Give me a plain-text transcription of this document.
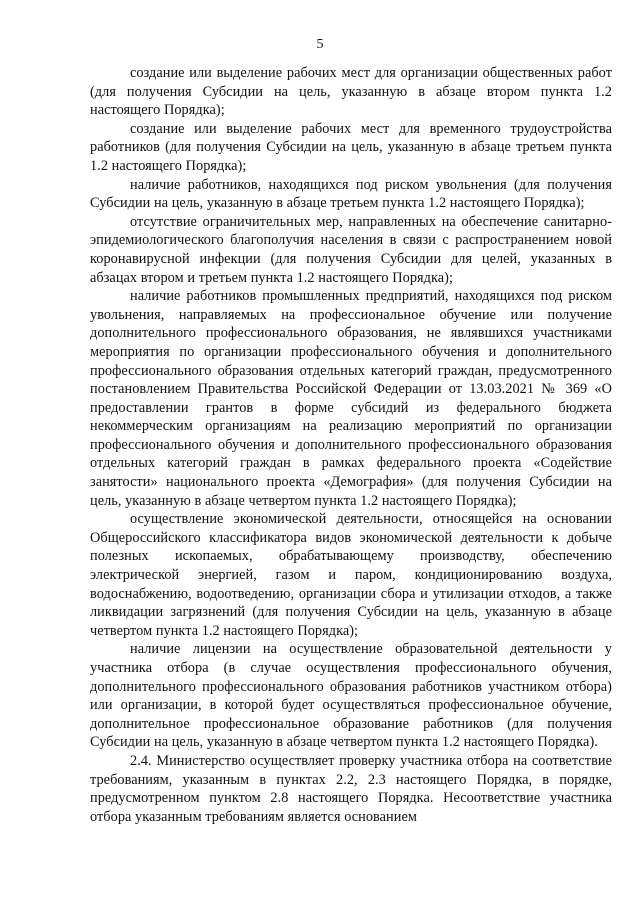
5

создание или выделение рабочих мест для организации общественных работ (для получения Субсидии на цель, указанную в абзаце втором пункта 1.2 настоящего Порядка);

создание или выделение рабочих мест для временного трудоустройства работников (для получения Субсидии на цель, указанную в абзаце третьем пункта 1.2 настоящего Порядка);

наличие работников, находящихся под риском увольнения (для получения Субсидии на цель, указанную в абзаце третьем пункта 1.2 настоящего Порядка);

отсутствие ограничительных мер, направленных на обеспечение санитарно-эпидемиологического благополучия населения в связи с распространением новой коронавирусной инфекции (для получения Субсидии для целей, указанных в абзацах втором и третьем пункта 1.2 настоящего Порядка);

наличие работников промышленных предприятий, находящихся под риском увольнения, направляемых на профессиональное обучение или получение дополнительного профессионального образования, не являвшихся участниками мероприятия по организации профессионального обучения и дополнительного профессионального образования отдельных категорий граждан, предусмотренного постановлением Правительства Российской Федерации от 13.03.2021 № 369 «О предоставлении грантов в форме субсидий из федерального бюджета некоммерческим организациям на реализацию мероприятий по организации профессионального обучения и дополнительного профессионального образования отдельных категорий граждан в рамках федерального проекта «Содействие занятости» национального проекта «Демография» (для получения Субсидии на цель, указанную в абзаце четвертом пункта 1.2 настоящего Порядка);

осуществление экономической деятельности, относящейся на основании Общероссийского классификатора видов экономической деятельности к добыче полезных ископаемых, обрабатывающему производству, обеспечению электрической энергией, газом и паром, кондиционированию воздуха, водоснабжению, водоотведению, организации сбора и утилизации отходов, а также ликвидации загрязнений (для получения Субсидии на цель, указанную в абзаце четвертом пункта 1.2 настоящего Порядка);

наличие лицензии на осуществление образовательной деятельности у участника отбора (в случае осуществления профессионального обучения, дополнительного профессионального образования работников участником отбора) или организации, в которой будет осуществляться профессиональное обучение, дополнительное профессиональное образование работников (для получения Субсидии на цель, указанную в абзаце четвертом пункта 1.2 настоящего Порядка).

2.4. Министерство осуществляет проверку участника отбора на соответствие требованиям, указанным в пунктах 2.2, 2.3 настоящего Порядка, в порядке, предусмотренном пунктом 2.8 настоящего Порядка. Несоответствие участника отбора указанным требованиям является основанием
